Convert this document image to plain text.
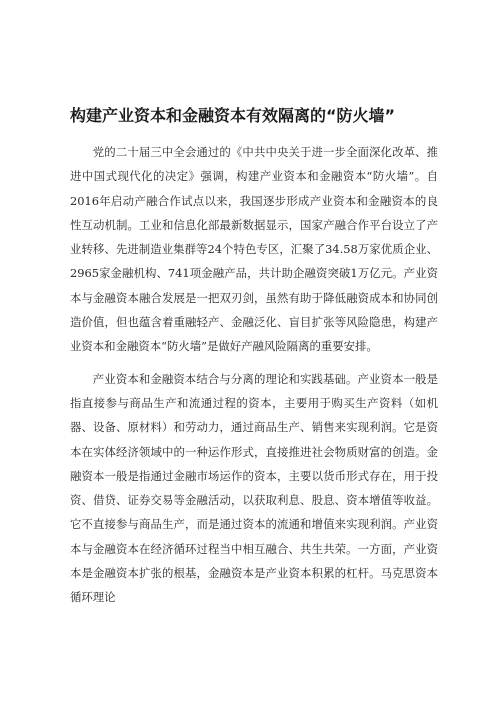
构建产业资本和金融资本有效隔离的“防火墙”

党的二十届三中全会通过的《中共中央关于进一步全面深化改革、推进中国式现代化的决定》强调，构建产业资本和金融资本“防火墙”。自2016年启动产融合作试点以来，我国逐步形成产业资本和金融资本的良性互动机制。工业和信息化部最新数据显示，国家产融合作平台设立了产业转移、先进制造业集群等24个特色专区，汇聚了34.58万家优质企业、2965家金融机构、741项金融产品，共计助企融资突破1万亿元。产业资本与金融资本融合发展是一把双刃剑，虽然有助于降低融资成本和协同创造价值，但也蕴含着重融轻产、金融泛化、盲目扩张等风险隐患，构建产业资本和金融资本“防火墙”是做好产融风险隔离的重要安排。

产业资本和金融资本结合与分离的理论和实践基础。产业资本一般是指直接参与商品生产和流通过程的资本，主要用于购买生产资料（如机器、设备、原材料）和劳动力，通过商品生产、销售来实现利润。它是资本在实体经济领域中的一种运作形式，直接推进社会物质财富的创造。金融资本一般是指通过金融市场运作的资本，主要以货币形式存在，用于投资、借贷、证券交易等金融活动，以获取利息、股息、资本增值等收益。它不直接参与商品生产，而是通过资本的流通和增值来实现利润。产业资本与金融资本在经济循环过程当中相互融合、共生共荣。一方面，产业资本是金融资本扩张的根基，金融资本是产业资本积累的杠杆。马克思资本循环理论
